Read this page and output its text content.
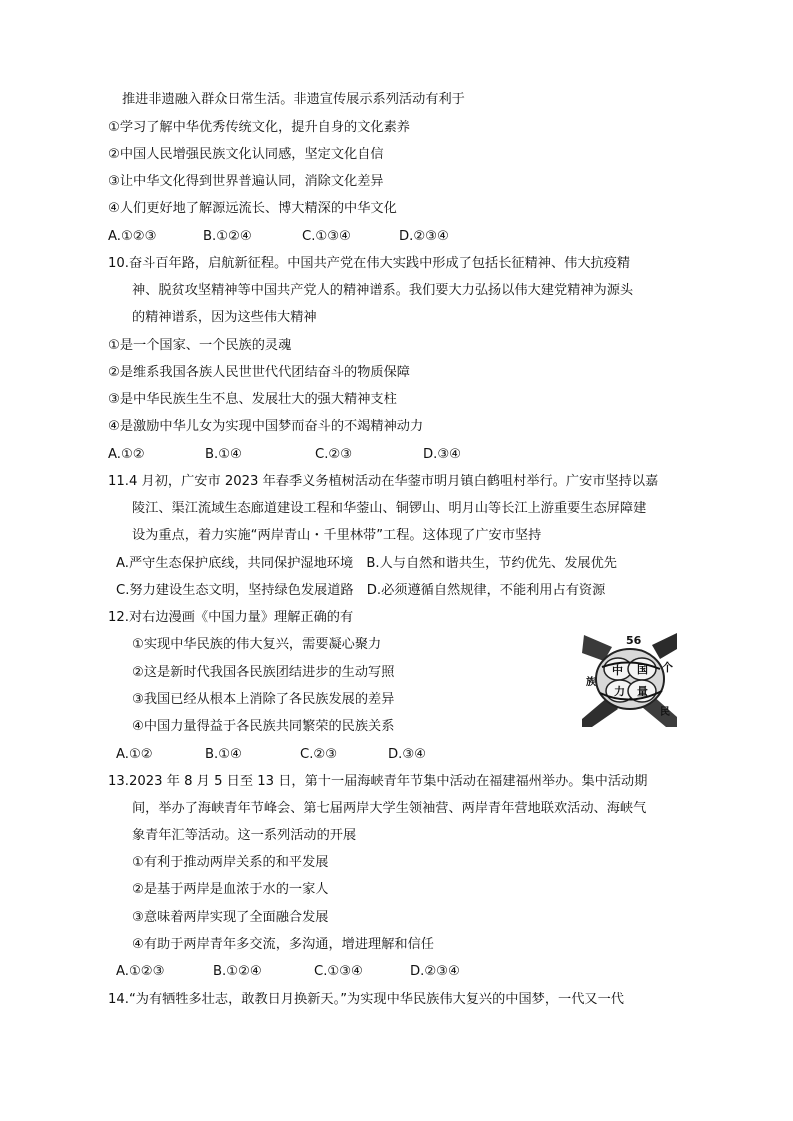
推进非遗融入群众日常生活。非遗宣传展示系列活动有利于
①学习了解中华优秀传统文化，提升自身的文化素养
②中国人民增强民族文化认同感，坚定文化自信
③让中华文化得到世界普遍认同，消除文化差异
④人们更好地了解源远流长、博大精深的中华文化
A.①②③	B.①②④	C.①③④	D.②③④
10.奋斗百年路，启航新征程。中国共产党在伟大实践中形成了包括长征精神、伟大抗疫精
神、脱贫攻坚精神等中国共产党人的精神谱系。我们要大力弘扬以伟大建党精神为源头
的精神谱系，因为这些伟大精神
①是一个国家、一个民族的灵魂
②是维系我国各族人民世世代代团结奋斗的物质保障
③是中华民族生生不息、发展壮大的强大精神支柱
④是激励中华儿女为实现中国梦而奋斗的不竭精神动力
A.①②	B.①④	C.②③	D.③④
11.4 月初，广安市 2023 年春季义务植树活动在华蓥市明月镇白鹤咀村举行。广安市坚持以嘉
陵江、渠江流域生态廊道建设工程和华蓥山、铜锣山、明月山等长江上游重要生态屏障建
设为重点，着力实施“两岸青山・千里林带”工程。这体现了广安市坚持
A.严守生态保护底线，共同保护湿地环境　B.人与自然和谐共生，节约优先、发展优先
C.努力建设生态文明，坚持绿色发展道路　D.必须遵循自然规律，不能利用占有资源
12.对右边漫画《中国力量》理解正确的有
①实现中华民族的伟大复兴，需要凝心聚力
②这是新时代我国各民族团结进步的生动写照
③我国已经从根本上消除了各民族发展的差异
④中国力量得益于各民族共同繁荣的民族关系
A.①②	B.①④	C.②③	D.③④
56
个
中 国
力 量
族
民
13.2023 年 8 月 5 日至 13 日，第十一届海峡青年节集中活动在福建福州举办。集中活动期
间，举办了海峡青年节峰会、第七届两岸大学生领袖营、两岸青年营地联欢活动、海峡气
象青年汇等活动。这一系列活动的开展
①有利于推动两岸关系的和平发展
②是基于两岸是血浓于水的一家人
③意味着两岸实现了全面融合发展
④有助于两岸青年多交流，多沟通，增进理解和信任
A.①②③	B.①②④	C.①③④	D.②③④
14.“为有牺牲多壮志，敢教日月换新天。”为实现中华民族伟大复兴的中国梦，一代又一代
